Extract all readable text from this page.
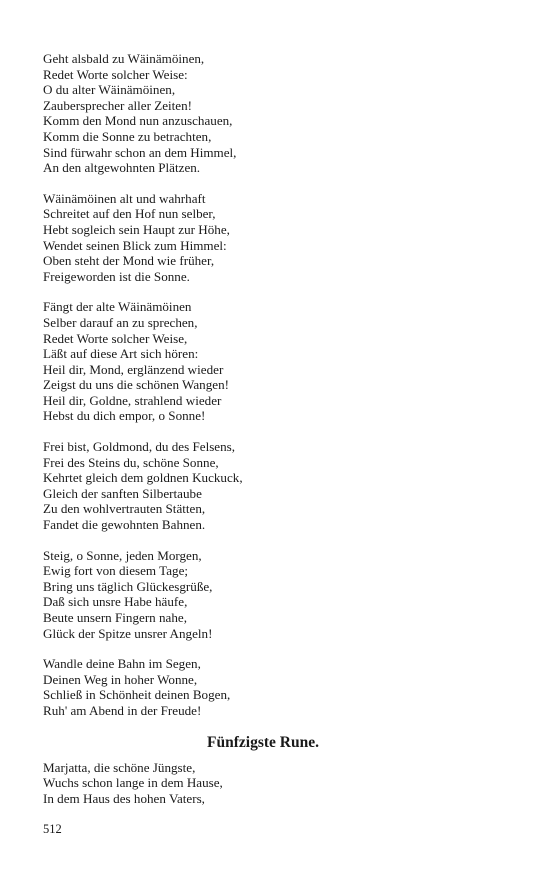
Geht alsbald zu Wäinämöinen,
Redet Worte solcher Weise:
O du alter Wäinämöinen,
Zaubersprecher aller Zeiten!
Komm den Mond nun anzuschauen,
Komm die Sonne zu betrachten,
Sind fürwahr schon an dem Himmel,
An den altgewohnten Plätzen.
Wäinämöinen alt und wahrhaft
Schreitet auf den Hof nun selber,
Hebt sogleich sein Haupt zur Höhe,
Wendet seinen Blick zum Himmel:
Oben steht der Mond wie früher,
Freigeworden ist die Sonne.
Fängt der alte Wäinämöinen
Selber darauf an zu sprechen,
Redet Worte solcher Weise,
Läßt auf diese Art sich hören:
Heil dir, Mond, erglänzend wieder
Zeigst du uns die schönen Wangen!
Heil dir, Goldne, strahlend wieder
Hebst du dich empor, o Sonne!
Frei bist, Goldmond, du des Felsens,
Frei des Steins du, schöne Sonne,
Kehrtet gleich dem goldnen Kuckuck,
Gleich der sanften Silbertaube
Zu den wohlvertrauten Stätten,
Fandet die gewohnten Bahnen.
Steig, o Sonne, jeden Morgen,
Ewig fort von diesem Tage;
Bring uns täglich Glückesgrüße,
Daß sich unsre Habe häufe,
Beute unsern Fingern nahe,
Glück der Spitze unsrer Angeln!
Wandle deine Bahn im Segen,
Deinen Weg in hoher Wonne,
Schließ in Schönheit deinen Bogen,
Ruh' am Abend in der Freude!
Fünfzigste Rune.
Marjatta, die schöne Jüngste,
Wuchs schon lange in dem Hause,
In dem Haus des hohen Vaters,
512
